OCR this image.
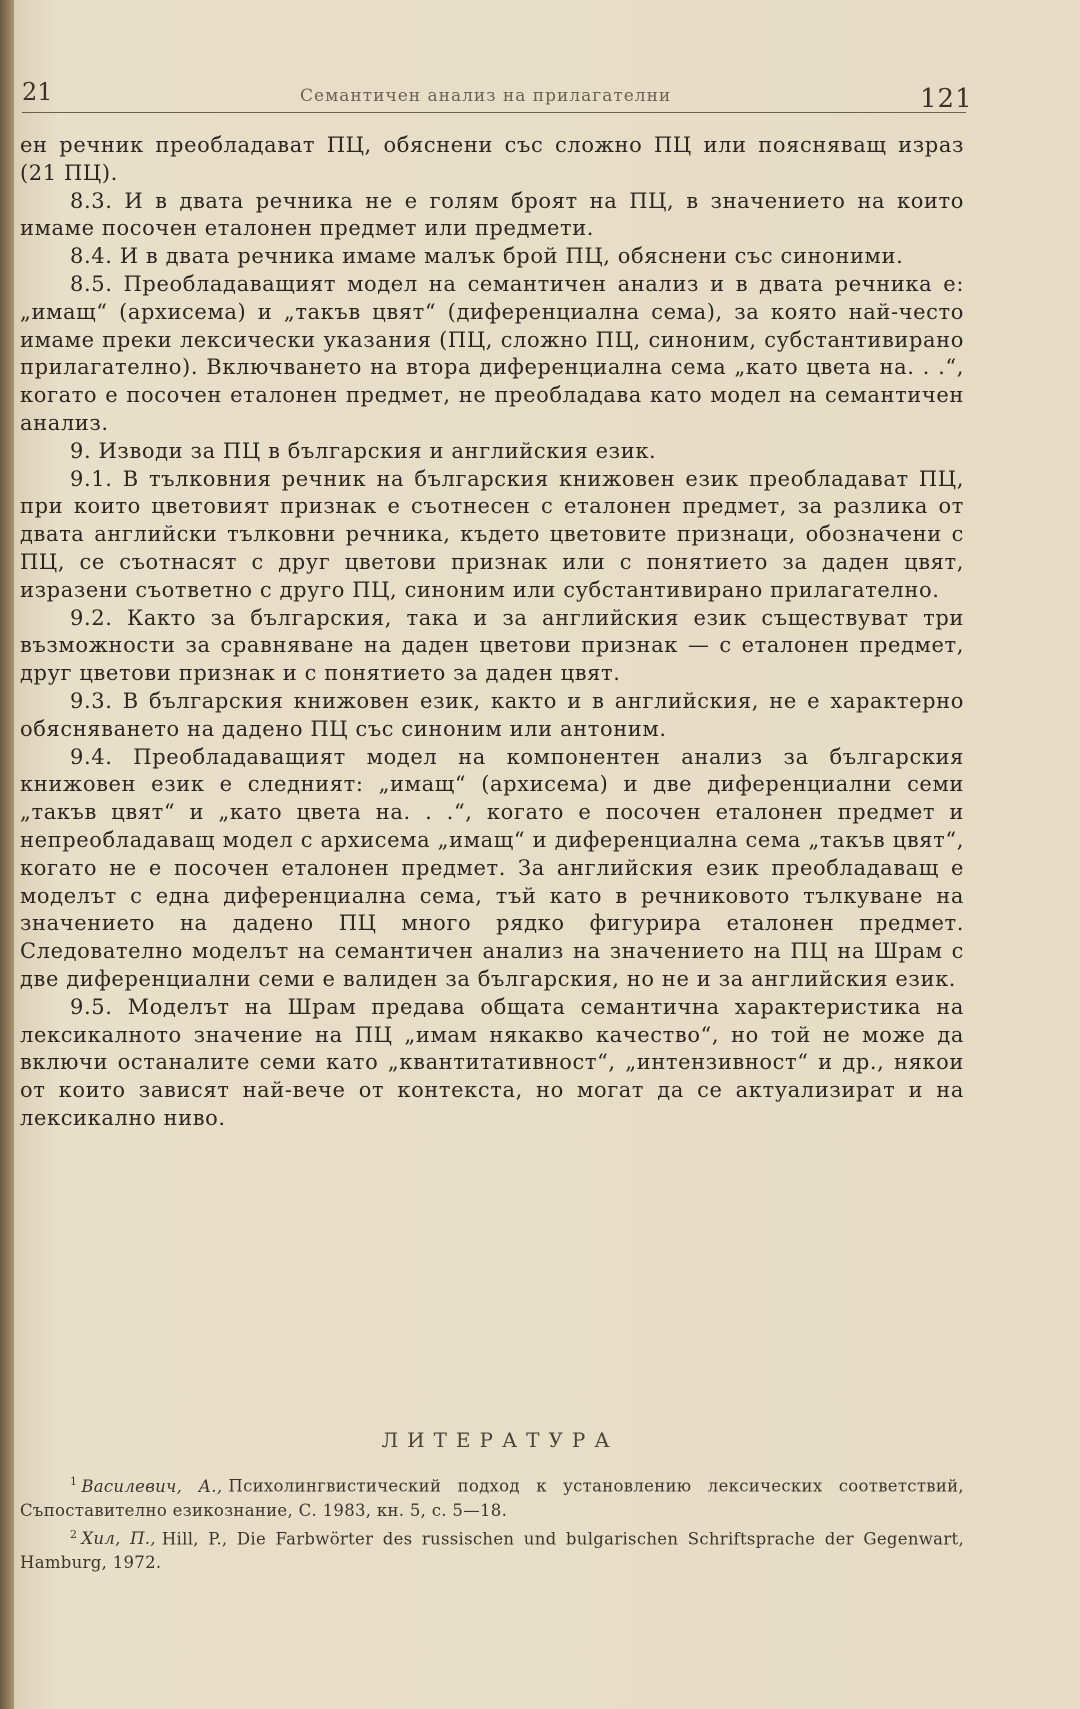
21	Семантичен анализ на прилагателни	121

ен речник преобладават ПЦ, обяснени със сложно ПЦ или поясняващ израз (21 ПЦ).

8.3. И в двата речника не е голям броят на ПЦ, в значението на които имаме посочен еталонен предмет или предмети.

8.4. И в двата речника имаме малък брой ПЦ, обяснени със синоними.

8.5. Преобладаващият модел на семантичен анализ и в двата речника е: „имащ“ (архисема) и „такъв цвят“ (диференциална сема), за която най-често имаме преки лексически указания (ПЦ, сложно ПЦ, синоним, субстантивирано прилагателно). Включването на втора диференциална сема „като цвета на. . .“, когато е посочен еталонен предмет, не преобладава като модел на семантичен анализ.

9. Изводи за ПЦ в българския и английския език.

9.1. В тълковния речник на българския книжовен език преобладават ПЦ, при които цветовият признак е съотнесен с еталонен предмет, за разлика от двата английски тълковни речника, където цветовите признаци, обозначени с ПЦ, се съотнасят с друг цветови признак или с понятието за даден цвят, изразени съответно с друго ПЦ, синоним или субстантивирано прилагателно.

9.2. Както за българския, така и за английския език съществуват три възможности за сравняване на даден цветови признак — с еталонен предмет, друг цветови признак и с понятието за даден цвят.

9.3. В българския книжовен език, както и в английския, не е характерно обясняването на дадено ПЦ със синоним или антоним.

9.4. Преобладаващият модел на компонентен анализ за българския книжовен език е следният: „имащ“ (архисема) и две диференциални семи „такъв цвят“ и „като цвета на. . .“, когато е посочен еталонен предмет и непреобладаващ модел с архисема „имащ“ и диференциална сема „такъв цвят“, когато не е посочен еталонен предмет. За английския език преобладаващ е моделът с една диференциална сема, тъй като в речниковото тълкуване на значението на дадено ПЦ много рядко фигурира еталонен предмет. Следователно моделът на семантичен анализ на значението на ПЦ на Шрам с две диференциални семи е валиден за българския, но не и за английския език.

9.5. Моделът на Шрам предава общата семантична характеристика на лексикалното значение на ПЦ „имам някакво качество“, но той не може да включи останалите семи като „квантитативност“, „интензивност“ и др., някои от които зависят най-вече от контекста, но могат да се актуализират и на лексикално ниво.

ЛИТЕРАТУРА

$^1$ Василевич, А., Психолингвистический подход к установлению лексических соответствий, Съпоставително езикознание, С. 1983, кн. 5, с. 5—18.

$^2$ Хил, П., Hill, P., Die Farbwörter des russischen und bulgarischen Schriftsprache der Gegenwart, Hamburg, 1972.
